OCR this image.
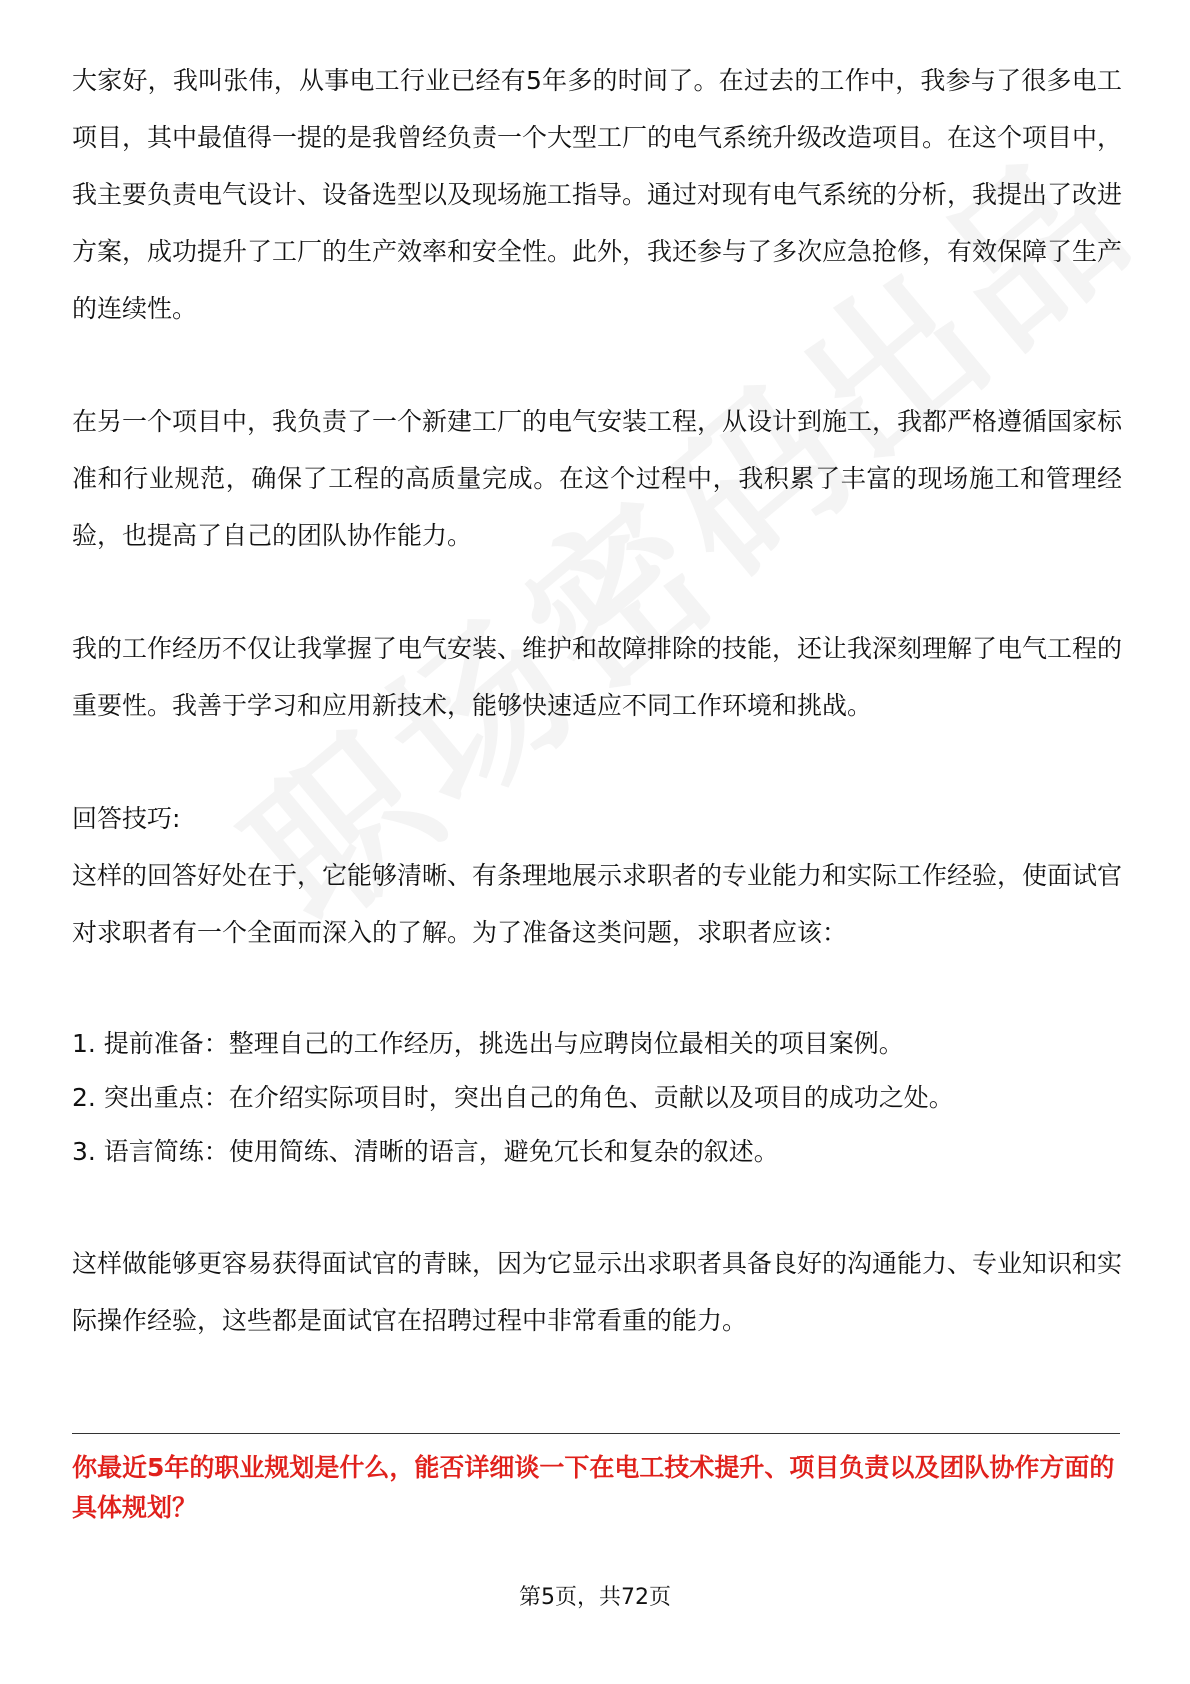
大家好，我叫张伟，从事电工行业已经有5年多的时间了。在过去的工作中，我参与了很多电工项目，其中最值得一提的是我曾经负责一个大型工厂的电气系统升级改造项目。在这个项目中，我主要负责电气设计、设备选型以及现场施工指导。通过对现有电气系统的分析，我提出了改进方案，成功提升了工厂的生产效率和安全性。此外，我还参与了多次应急抢修，有效保障了生产的连续性。

在另一个项目中，我负责了一个新建工厂的电气安装工程，从设计到施工，我都严格遵循国家标准和行业规范，确保了工程的高质量完成。在这个过程中，我积累了丰富的现场施工和管理经验，也提高了自己的团队协作能力。

我的工作经历不仅让我掌握了电气安装、维护和故障排除的技能，还让我深刻理解了电气工程的重要性。我善于学习和应用新技术，能够快速适应不同工作环境和挑战。

回答技巧:

这样的回答好处在于，它能够清晰、有条理地展示求职者的专业能力和实际工作经验，使面试官对求职者有一个全面而深入的了解。为了准备这类问题，求职者应该：

1. 提前准备：整理自己的工作经历，挑选出与应聘岗位最相关的项目案例。

2. 突出重点：在介绍实际项目时，突出自己的角色、贡献以及项目的成功之处。

3. 语言简练：使用简练、清晰的语言，避免冗长和复杂的叙述。

这样做能够更容易获得面试官的青睐，因为它显示出求职者具备良好的沟通能力、专业知识和实际操作经验，这些都是面试官在招聘过程中非常看重的能力。

你最近5年的职业规划是什么，能否详细谈一下在电工技术提升、项目负责以及团队协作方面的具体规划？

第5页，共72页
